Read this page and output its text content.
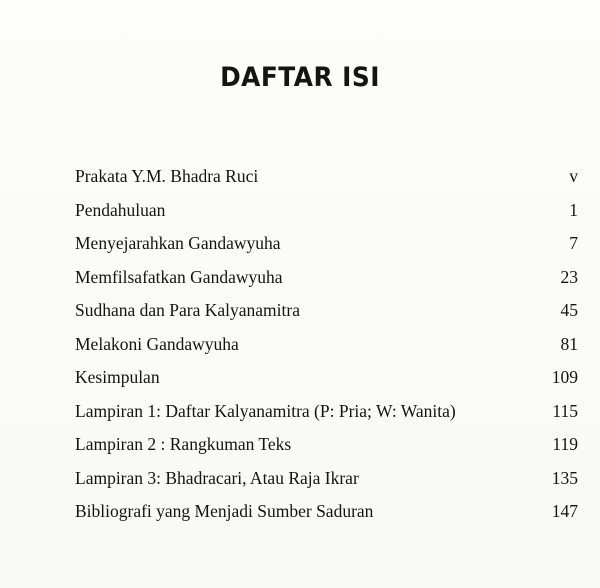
DAFTAR ISI
Prakata Y.M. Bhadra Ruci	v
Pendahuluan	1
Menyejarahkan Gandawyuha	7
Memfilsafatkan Gandawyuha	23
Sudhana dan Para Kalyanamitra	45
Melakoni Gandawyuha	81
Kesimpulan	109
Lampiran 1: Daftar Kalyanamitra (P: Pria; W: Wanita)	115
Lampiran 2 : Rangkuman Teks	119
Lampiran 3: Bhadracari, Atau Raja Ikrar	135
Bibliografi yang Menjadi Sumber Saduran	147
